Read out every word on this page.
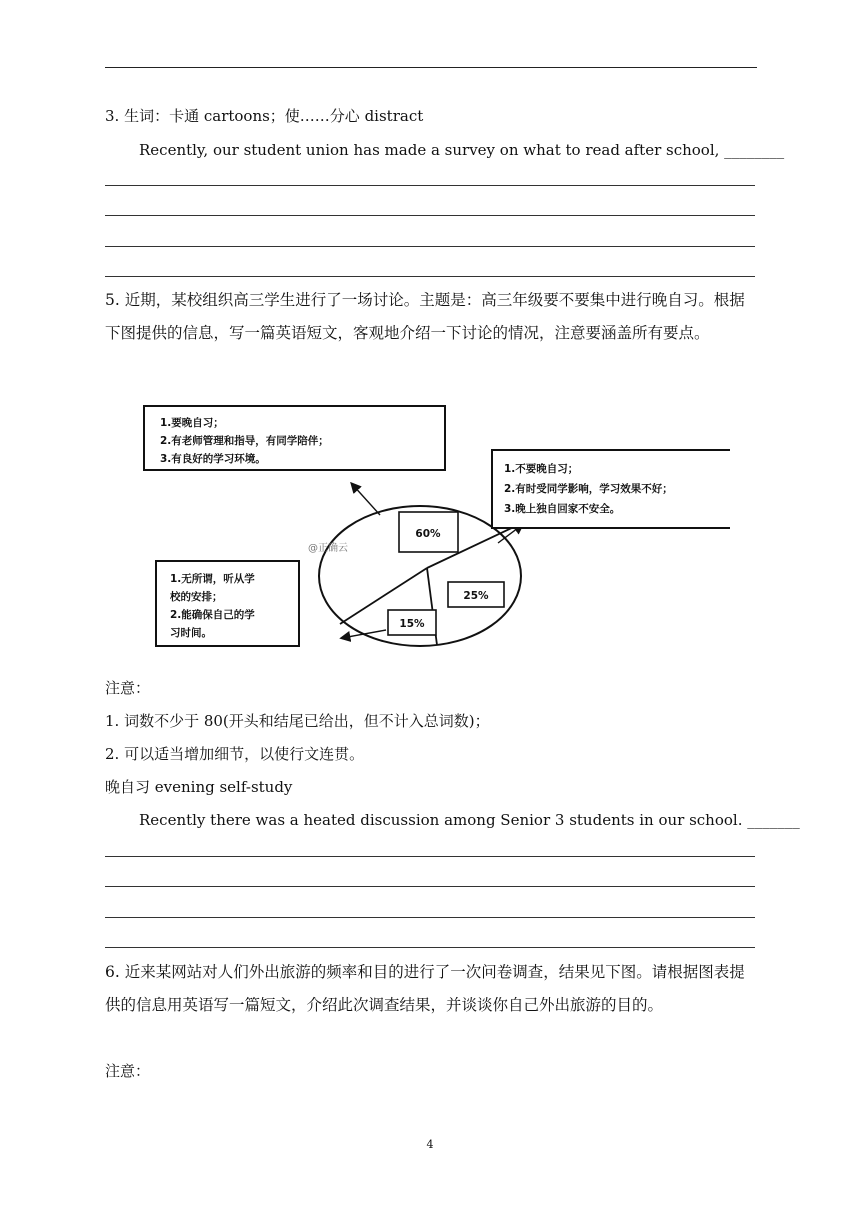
3. 生词：卡通 cartoons；使……分心 distract
Recently, our student union has made a survey on what to read after school, ________
5. 近期，某校组织高三学生进行了一场讨论。主题是：高三年级要不要集中进行晚自习。根据下图提供的信息，写一篇英语短文，客观地介绍一下讨论的情况，注意要涵盖所有要点。
60%
25%
15%
@正确云
1.要晚自习；
2.有老师管理和指导，有同学陪伴；
3.有良好的学习环境。
1.不要晚自习；
2.有时受同学影响，学习效果不好；
3.晚上独自回家不安全。
1.无所谓，听从学
校的安排；
2.能确保自己的学
习时间。
注意：
1. 词数不少于 80(开头和结尾已给出，但不计入总词数)；
2. 可以适当增加细节，以使行文连贯。
晚自习 evening self-study
Recently there was a heated discussion among Senior 3 students in our school. _______
6. 近来某网站对人们外出旅游的频率和目的进行了一次问卷调查，结果见下图。请根据图表提供的信息用英语写一篇短文，介绍此次调查结果，并谈谈你自己外出旅游的目的。
注意：
4
